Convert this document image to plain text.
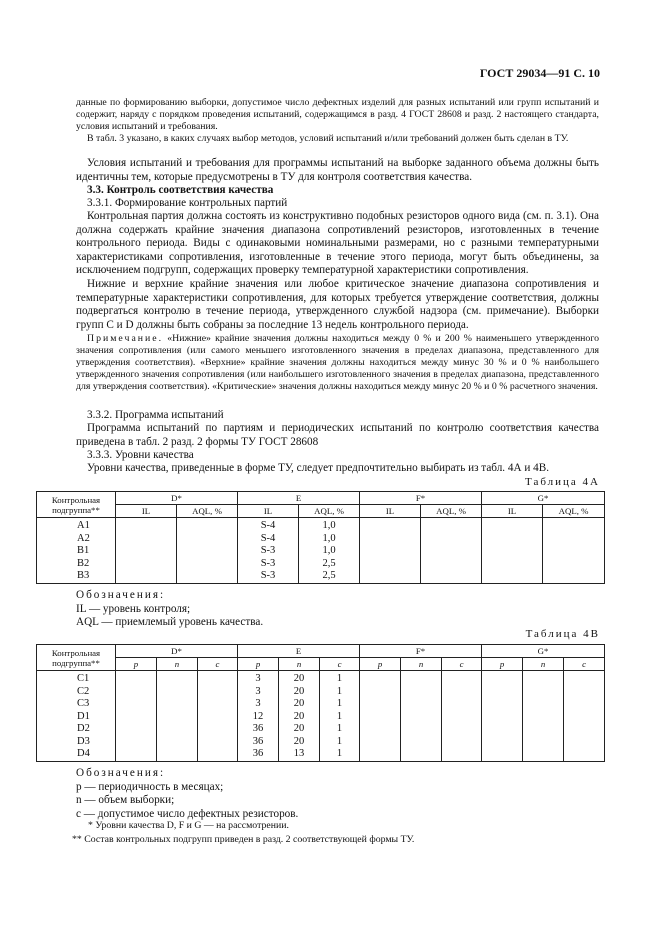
ГОСТ 29034—91 С. 10
данные по формированию выборки, допустимое число дефектных изделий для разных испытаний или групп испытаний и содержит, наряду с порядком проведения испытаний, содержащимся в разд. 4 ГОСТ 28608 и разд. 2 настоящего стандарта, условия испытаний и требования.
В табл. 3 указано, в каких случаях выбор методов, условий испытаний и/или требований должен быть сделан в ТУ.
Условия испытаний и требования для программы испытаний на выборке заданного объема должны быть идентичны тем, которые предусмотрены в ТУ для контроля соответствия качества.
3.3. Контроль соответствия качества
3.3.1. Формирование контрольных партий
Контрольная партия должна состоять из конструктивно подобных резисторов одного вида (см. п. 3.1). Она должна содержать крайние значения диапазона сопротивлений резисторов, изготовленных в течение контрольного периода. Виды с одинаковыми номинальными размерами, но с разными температурными характеристиками сопротивления, изготовленные в течение этого периода, могут быть объединены, за исключением подгрупп, содержащих проверку температурной характеристики сопротивления.
Нижние и верхние крайние значения или любое критическое значение диапазона сопротивления и температурные характеристики сопротивления, для которых требуется утверждение соответствия, должны подвергаться контролю в течение периода, утвержденного службой надзора (см. примечание). Выборки групп C и D должны быть собраны за последние 13 недель контрольного периода.
Примечание. «Нижние» крайние значения должны находиться между 0 % и 200 % наименьшего утвержденного значения сопротивления (или самого меньшего изготовленного значения в пределах диапазона, представленного для утверждения соответствия). «Верхние» крайние значения должны находиться между минус 30 % и 0 % наибольшего утвержденного значения сопротивления (или наибольшего изготовленного значения в пределах диапазона, представленного для утверждения соответствия). «Критические» значения должны находиться между минус 20 % и 0 % расчетного значения.
3.3.2. Программа испытаний
Программа испытаний по партиям и периодических испытаний по контролю соответствия качества приведена в табл. 2 разд. 2 формы ТУ ГОСТ 28608
3.3.3. Уровни качества
Уровни качества, приведенные в форме ТУ, следует предпочтительно выбирать из табл. 4А и 4В.
Таблица 4А
Контрольная подгруппа**	D*		E		F*		G*	
	IL	AQL, %	IL	AQL, %	IL	AQL, %	IL	AQL, %
A1			S-4	1,0				
A2			S-4	1,0				
B1			S-3	1,0				
B2			S-3	2,5				
B3			S-3	2,5				
Обозначения:
IL — уровень контроля;
AQL — приемлемый уровень качества.
Таблица 4В
Контрольная подгруппа**	D*			E			F*			G*		
	p	n	c	p	n	c	p	n	c	p	n	c
C1				3	20	1						
C2				3	20	1						
C3				3	20	1						
D1				12	20	1						
D2				36	20	1						
D3				36	20	1						
D4				36	13	1						
Обозначения:
p — периодичность в месяцах;
n — объем выборки;
c — допустимое число дефектных резисторов.
* Уровни качества D, F и G — на рассмотрении.
** Состав контрольных подгрупп приведен в разд. 2 соответствующей формы ТУ.
